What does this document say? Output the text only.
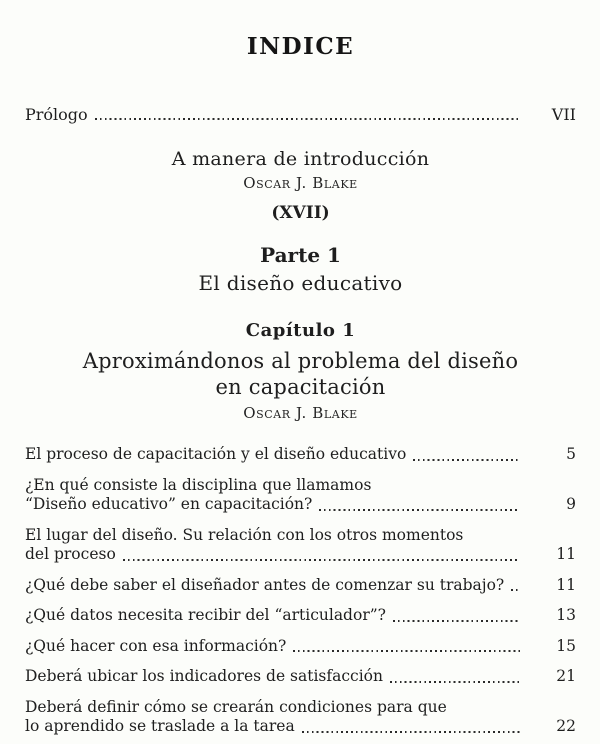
INDICE
Prólogo	VII
A manera de introducción
Oscar J. Blake
(XVII)
Parte 1
El diseño educativo
Capítulo 1
Aproximándonos al problema del diseño
en capacitación
Oscar J. Blake
El proceso de capacitación y el diseño educativo	5
¿En qué consiste la disciplina que llamamos
“Diseño educativo” en capacitación?	9
El lugar del diseño. Su relación con los otros momentos
del proceso	11
¿Qué debe saber el diseñador antes de comenzar su trabajo?	11
¿Qué datos necesita recibir del “articulador”?	13
¿Qué hacer con esa información?	15
Deberá ubicar los indicadores de satisfacción	21
Deberá definir cómo se crearán condiciones para que
lo aprendido se traslade a la tarea	22
